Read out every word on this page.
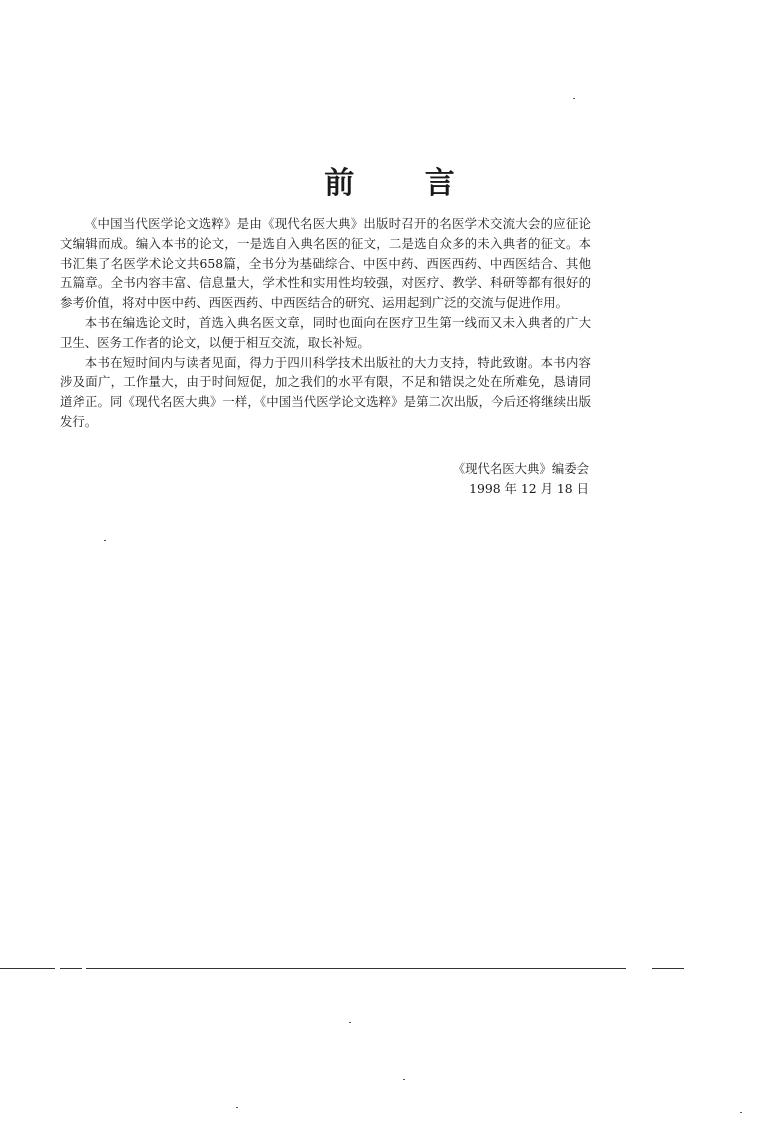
前 言

《中国当代医学论文选粹》是由《现代名医大典》出版时召开的名医学术交流大会的应征论文编辑而成。编入本书的论文，一是选自入典名医的征文，二是选自众多的未入典者的征文。本书汇集了名医学术论文共658篇，全书分为基础综合、中医中药、西医西药、中西医结合、其他五篇章。全书内容丰富、信息量大，学术性和实用性均较强，对医疗、教学、科研等都有很好的参考价值，将对中医中药、西医西药、中西医结合的研究、运用起到广泛的交流与促进作用。

本书在编选论文时，首选入典名医文章，同时也面向在医疗卫生第一线而又未入典者的广大卫生、医务工作者的论文，以便于相互交流，取长补短。

本书在短时间内与读者见面，得力于四川科学技术出版社的大力支持，特此致谢。本书内容涉及面广，工作量大，由于时间短促，加之我们的水平有限，不足和错误之处在所难免，恳请同道斧正。同《现代名医大典》一样，《中国当代医学论文选粹》是第二次出版，今后还将继续出版发行。

《现代名医大典》编委会
1998 年 12 月 18 日
